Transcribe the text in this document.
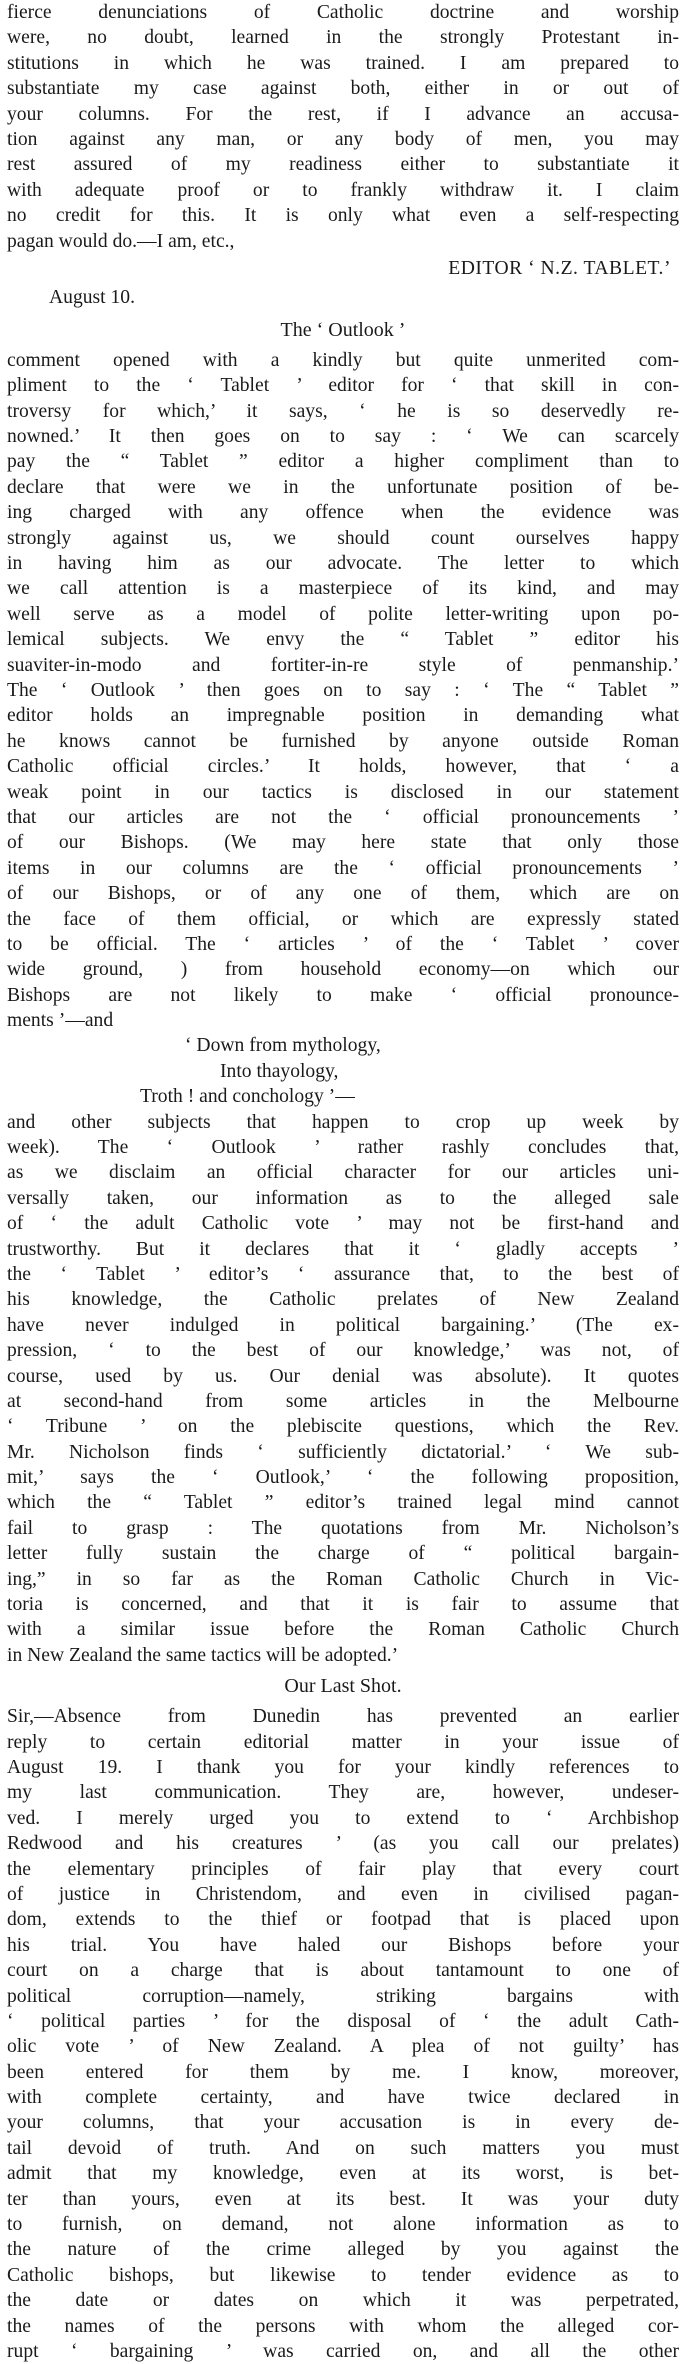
fierce denunciations of Catholic doctrine and worship
were, no doubt, learned in the strongly Protestant in-
stitutions in which he was trained. I am prepared to
substantiate my case against both, either in or out of
your columns. For the rest, if I advance an accusa-
tion against any man, or any body of men, you may
rest assured of my readiness either to substantiate it
with adequate proof or to frankly withdraw it. I claim
no credit for this. It is only what even a self-respecting
pagan would do.—I am, etc.,
EDITOR ‘ N.Z. TABLET.’
August 10.
The ‘ Outlook ’
comment opened with a kindly but quite unmerited com-
pliment to the ‘ Tablet ’ editor for ‘ that skill in con-
troversy for which,’ it says, ‘ he is so deservedly re-
nowned.’ It then goes on to say : ‘ We can scarcely
pay the “ Tablet ” editor a higher compliment than to
declare that were we in the unfortunate position of be-
ing charged with any offence when the evidence was
strongly against us, we should count ourselves happy
in having him as our advocate. The letter to which
we call attention is a masterpiece of its kind, and may
well serve as a model of polite letter-writing upon po-
lemical subjects. We envy the “ Tablet ” editor his
suaviter-in-modo and fortiter-in-re style of penmanship.’
The ‘ Outlook ’ then goes on to say : ‘ The “ Tablet ”
editor holds an impregnable position in demanding what
he knows cannot be furnished by anyone outside Roman
Catholic official circles.’ It holds, however, that ‘ a
weak point in our tactics is disclosed in our statement
that our articles are not the ‘ official pronouncements ’
of our Bishops. (We may here state that only those
items in our columns are the ‘ official pronouncements ’
of our Bishops, or of any one of them, which are on
the face of them official, or which are expressly stated
to be official. The ‘ articles ’ of the ‘ Tablet ’ cover
wide ground, ) from household economy—on which our
Bishops are not likely to make ‘ official pronounce-
ments ’—and
‘ Down from mythology,
Into thayology,
Troth ! and conchology ’—
and other subjects that happen to crop up week by
week). The ‘ Outlook ’ rather rashly concludes that,
as we disclaim an official character for our articles uni-
versally taken, our information as to the alleged sale
of ‘ the adult Catholic vote ’ may not be first-hand and
trustworthy. But it declares that it ‘ gladly accepts ’
the ‘ Tablet ’ editor’s ‘ assurance that, to the best of
his knowledge, the Catholic prelates of New Zealand
have never indulged in political bargaining.’ (The ex-
pression, ‘ to the best of our knowledge,’ was not, of
course, used by us. Our denial was absolute). It quotes
at second-hand from some articles in the Melbourne
‘ Tribune ’ on the plebiscite questions, which the Rev.
Mr. Nicholson finds ‘ sufficiently dictatorial.’ ‘ We sub-
mit,’ says the ‘ Outlook,’ ‘ the following proposition,
which the “ Tablet ” editor’s trained legal mind cannot
fail to grasp : The quotations from Mr. Nicholson’s
letter fully sustain the charge of “ political bargain-
ing,” in so far as the Roman Catholic Church in Vic-
toria is concerned, and that it is fair to assume that
with a similar issue before the Roman Catholic Church
in New Zealand the same tactics will be adopted.’
Our Last Shot.
Sir,—Absence from Dunedin has prevented an earlier
reply to certain editorial matter in your issue of
August 19. I thank you for your kindly references to
my last communication. They are, however, undeser-
ved. I merely urged you to extend to ‘ Archbishop
Redwood and his creatures ’ (as you call our prelates)
the elementary principles of fair play that every court
of justice in Christendom, and even in civilised pagan-
dom, extends to the thief or footpad that is placed upon
his trial. You have haled our Bishops before your
court on a charge that is about tantamount to one of
political corruption—namely, striking bargains with
‘ political parties ’ for the disposal of ‘ the adult Cath-
olic vote ’ of New Zealand. A plea of not guilty’ has
been entered for them by me. I know, moreover,
with complete certainty, and have twice declared in
your columns, that your accusation is in every de-
tail devoid of truth. And on such matters you must
admit that my knowledge, even at its worst, is bet-
ter than yours, even at its best. It was your duty
to furnish, on demand, not alone information as to
the nature of the crime alleged by you against the
Catholic bishops, but likewise to tender evidence as to
the date or dates on which it was perpetrated,
the names of the persons with whom the alleged cor-
rupt ‘ bargaining ’ was carried on, and all the other
